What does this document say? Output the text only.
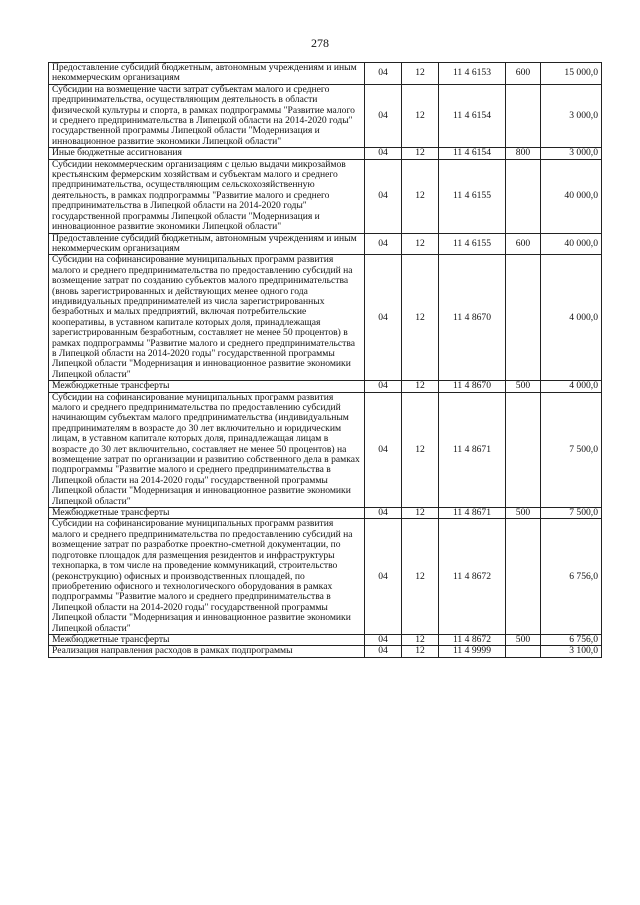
278
Предоставление субсидий бюджетным, автономным учреждениям и иным некоммерческим организациям	04	12	11 4 6153	600	15 000,0
Субсидии на возмещение части затрат субъектам малого и среднего предпринимательства, осуществляющим деятельность в области физической культуры и спорта, в рамках подпрограммы "Развитие малого и среднего предпринимательства в Липецкой области на 2014-2020 годы" государственной программы Липецкой области "Модернизация и инновационное развитие экономики Липецкой области"	04	12	11 4 6154		3 000,0
Иные бюджетные ассигнования	04	12	11 4 6154	800	3 000,0
Субсидии некоммерческим организациям с целью выдачи микрозаймов крестьянским фермерским хозяйствам и субъектам малого и среднего предпринимательства, осуществляющим сельскохозяйственную деятельность, в рамках подпрограммы "Развитие малого и среднего предпринимательства в Липецкой области на 2014-2020 годы" государственной программы Липецкой области "Модернизация и инновационное развитие экономики Липецкой области"	04	12	11 4 6155		40 000,0
Предоставление субсидий бюджетным, автономным учреждениям и иным некоммерческим организациям	04	12	11 4 6155	600	40 000,0
Субсидии на софинансирование муниципальных программ развития малого и среднего предпринимательства по предоставлению субсидий на возмещение затрат по созданию субъектов малого предпринимательства (вновь зарегистрированных и действующих менее одного года индивидуальных предпринимателей из числа зарегистрированных безработных и малых предприятий, включая потребительские кооперативы, в уставном капитале которых доля, принадлежащая зарегистрированным безработным, составляет не менее 50 процентов) в рамках подпрограммы "Развитие малого и среднего предпринимательства в Липецкой области на 2014-2020 годы" государственной программы Липецкой области "Модернизация и инновационное развитие экономики Липецкой области"	04	12	11 4 8670		4 000,0
Межбюджетные трансферты	04	12	11 4 8670	500	4 000,0
Субсидии на софинансирование муниципальных программ развития малого и среднего предпринимательства по предоставлению субсидий начинающим субъектам малого предпринимательства (индивидуальным предпринимателям в возрасте до 30 лет включительно и юридическим лицам, в уставном капитале которых доля, принадлежащая лицам в возрасте до 30 лет включительно, составляет не менее 50 процентов) на возмещение затрат по организации и развитию собственного дела в рамках подпрограммы "Развитие малого и среднего предпринимательства в Липецкой области на 2014-2020 годы" государственной программы Липецкой области "Модернизация и инновационное развитие экономики Липецкой области"	04	12	11 4 8671		7 500,0
Межбюджетные трансферты	04	12	11 4 8671	500	7 500,0
Субсидии на софинансирование муниципальных программ развития малого и среднего предпринимательства по предоставлению субсидий на возмещение затрат по разработке проектно-сметной документации, по подготовке площадок для размещения резидентов и инфраструктуры технопарка, в том числе на проведение коммуникаций, строительство (реконструкцию) офисных и производственных площадей, по приобретению офисного и технологического оборудования в рамках подпрограммы "Развитие малого и среднего предпринимательства в Липецкой области на 2014-2020 годы" государственной программы Липецкой области "Модернизация и инновационное развитие экономики Липецкой области"	04	12	11 4 8672		6 756,0
Межбюджетные трансферты	04	12	11 4 8672	500	6 756,0
Реализация направления расходов в рамках подпрограммы	04	12	11 4 9999		3 100,0
